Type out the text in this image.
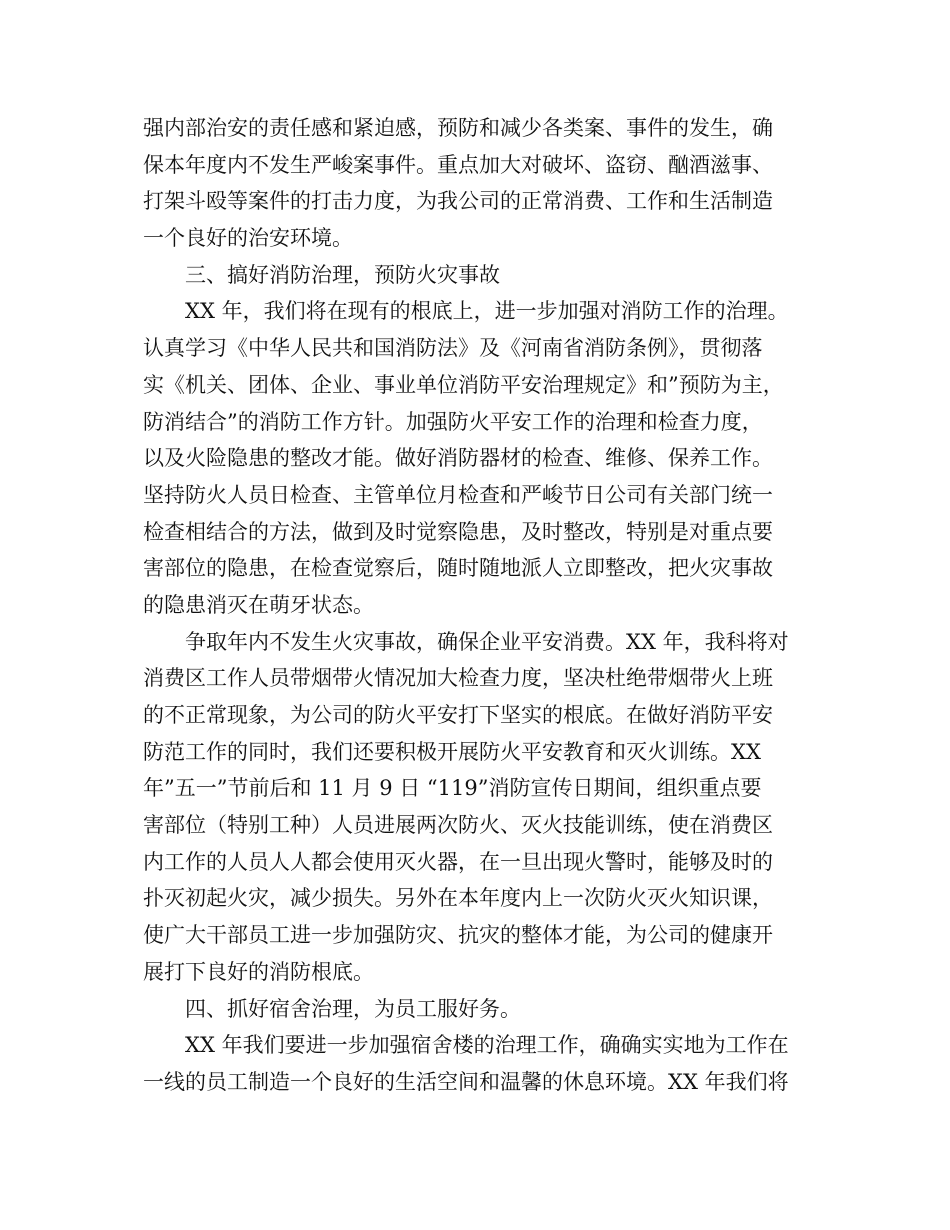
强内部治安的责任感和紧迫感，预防和减少各类案、事件的发生，确
保本年度内不发生严峻案事件。重点加大对破坏、盗窃、酗酒滋事、
打架斗殴等案件的打击力度，为我公司的正常消费、工作和生活制造
一个良好的治安环境。
三、搞好消防治理，预防火灾事故
XX 年，我们将在现有的根底上，进一步加强对消防工作的治理。
认真学习《中华人民共和国消防法》及《河南省消防条例》，贯彻落
实《机关、团体、企业、事业单位消防平安治理规定》和”预防为主，
防消结合”的消防工作方针。加强防火平安工作的治理和检查力度，
以及火险隐患的整改才能。做好消防器材的检查、维修、保养工作。
坚持防火人员日检查、主管单位月检查和严峻节日公司有关部门统一
检查相结合的方法，做到及时觉察隐患，及时整改，特别是对重点要
害部位的隐患，在检查觉察后，随时随地派人立即整改，把火灾事故
的隐患消灭在萌牙状态。
争取年内不发生火灾事故，确保企业平安消费。XX 年，我科将对
消费区工作人员带烟带火情况加大检查力度，坚决杜绝带烟带火上班
的不正常现象，为公司的防火平安打下坚实的根底。在做好消防平安
防范工作的同时，我们还要积极开展防火平安教育和灭火训练。XX
年”五一”节前后和 11 月 9 日 “119”消防宣传日期间，组织重点要
害部位（特别工种）人员进展两次防火、灭火技能训练，使在消费区
内工作的人员人人都会使用灭火器，在一旦出现火警时，能够及时的
扑灭初起火灾，减少损失。另外在本年度内上一次防火灭火知识课，
使广大干部员工进一步加强防灾、抗灾的整体才能，为公司的健康开
展打下良好的消防根底。
四、抓好宿舍治理，为员工服好务。
XX 年我们要进一步加强宿舍楼的治理工作，确确实实地为工作在
一线的员工制造一个良好的生活空间和温馨的休息环境。XX 年我们将
